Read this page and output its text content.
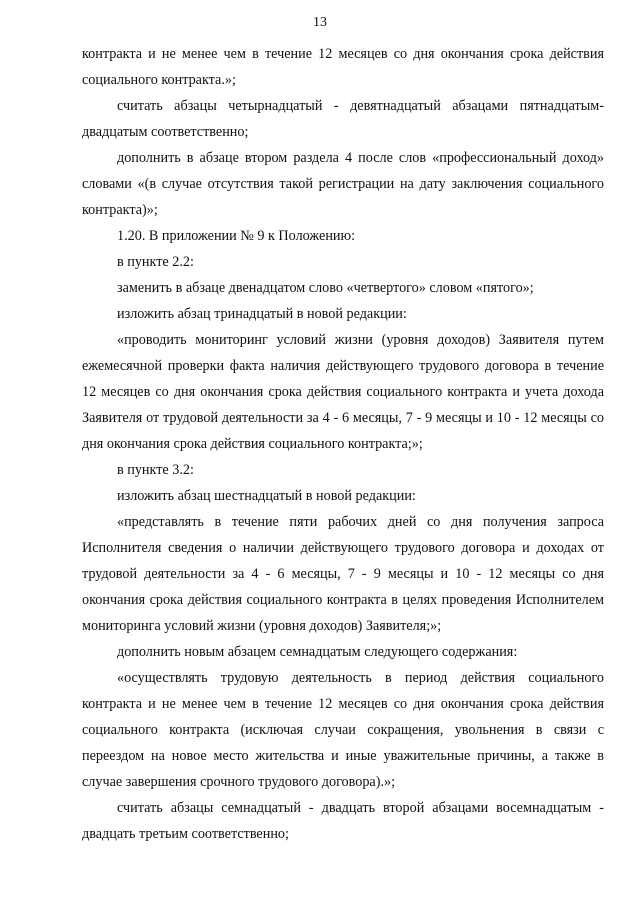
13

контракта и не менее чем в течение 12 месяцев со дня окончания срока действия социального контракта.»;

считать абзацы четырнадцатый - девятнадцатый абзацами пятнадцатым-двадцатым соответственно;

дополнить в абзаце втором раздела 4 после слов «профессиональный доход» словами «(в случае отсутствия такой регистрации на дату заключения социального контракта)»;

1.20. В приложении № 9 к Положению:

в пункте 2.2:

заменить в абзаце двенадцатом слово «четвертого» словом «пятого»;

изложить абзац тринадцатый в новой редакции:

«проводить мониторинг условий жизни (уровня доходов) Заявителя путем ежемесячной проверки факта наличия действующего трудового договора в течение 12 месяцев со дня окончания срока действия социального контракта и учета дохода Заявителя от трудовой деятельности за 4 - 6 месяцы, 7 - 9 месяцы и 10 - 12 месяцы со дня окончания срока действия социального контракта;»;

в пункте 3.2:

изложить абзац шестнадцатый в новой редакции:

«представлять в течение пяти рабочих дней со дня получения запроса Исполнителя сведения о наличии действующего трудового договора и доходах от трудовой деятельности за 4 - 6 месяцы, 7 - 9 месяцы и 10 - 12 месяцы со дня окончания срока действия социального контракта в целях проведения Исполнителем мониторинга условий жизни (уровня доходов) Заявителя;»;

дополнить новым абзацем семнадцатым следующего содержания:

«осуществлять трудовую деятельность в период действия социального контракта и не менее чем в течение 12 месяцев со дня окончания срока действия социального контракта (исключая случаи сокращения, увольнения в связи с переездом на новое место жительства и иные уважительные причины, а также в случае завершения срочного трудового договора).»;

считать абзацы семнадцатый - двадцать второй абзацами восемнадцатым - двадцать третьим соответственно;
